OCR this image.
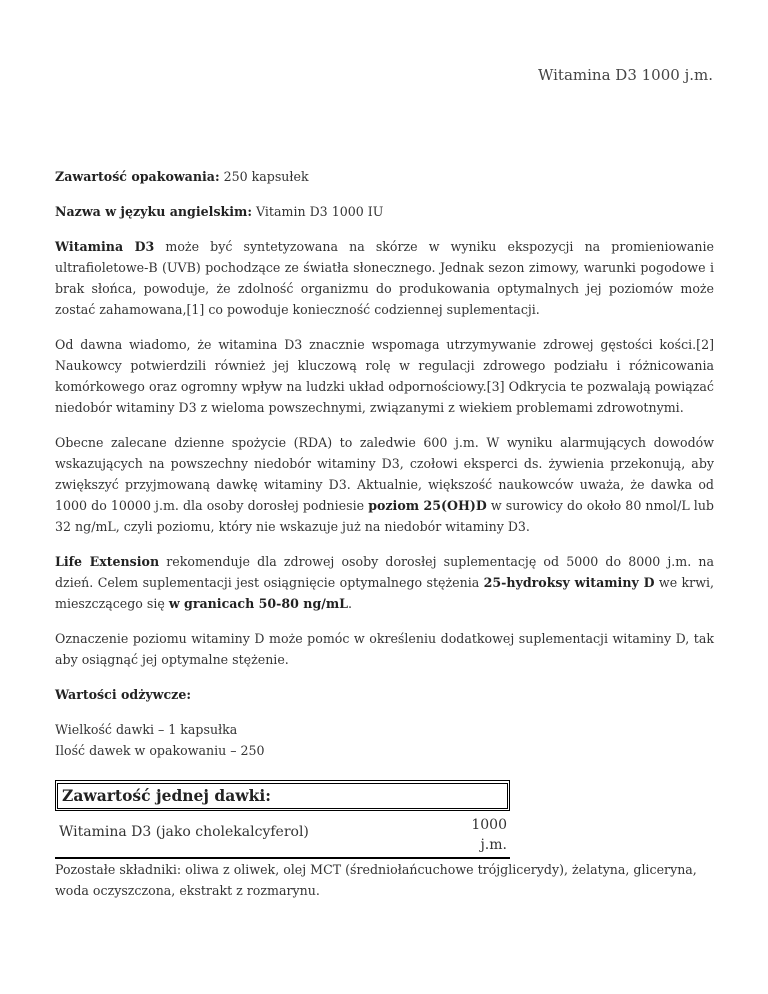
Witamina D3 1000 j.m.

Zawartość opakowania: 250 kapsułek

Nazwa w języku angielskim: Vitamin D3 1000 IU

Witamina D3 może być syntetyzowana na skórze w wyniku ekspozycji na promieniowanie ultrafioletowe-B (UVB) pochodzące ze światła słonecznego. Jednak sezon zimowy, warunki pogodowe i brak słońca, powoduje, że zdolność organizmu do produkowania optymalnych jej poziomów może zostać zahamowana,[1] co powoduje konieczność codziennej suplementacji.

Od dawna wiadomo, że witamina D3 znacznie wspomaga utrzymywanie zdrowej gęstości kości.[2] Naukowcy potwierdzili również jej kluczową rolę w regulacji zdrowego podziału i różnicowania komórkowego oraz ogromny wpływ na ludzki układ odpornościowy.[3] Odkrycia te pozwalają powiązać niedobór witaminy D3 z wieloma powszechnymi, związanymi z wiekiem problemami zdrowotnymi.

Obecne zalecane dzienne spożycie (RDA) to zaledwie 600 j.m. W wyniku alarmujących dowodów wskazujących na powszechny niedobór witaminy D3, czołowi eksperci ds. żywienia przekonują, aby zwiększyć przyjmowaną dawkę witaminy D3. Aktualnie, większość naukowców uważa, że dawka od 1000 do 10000 j.m. dla osoby dorosłej podniesie poziom 25(OH)D w surowicy do około 80 nmol/L lub 32 ng/mL, czyli poziomu, który nie wskazuje już na niedobór witaminy D3.

Life Extension rekomenduje dla zdrowej osoby dorosłej suplementację od 5000 do 8000 j.m. na dzień. Celem suplementacji jest osiągnięcie optymalnego stężenia 25-hydroksy witaminy D we krwi, mieszczącego się w granicach 50-80 ng/mL.

Oznaczenie poziomu witaminy D może pomóc w określeniu dodatkowej suplementacji witaminy D, tak aby osiągnąć jej optymalne stężenie.

Wartości odżywcze:

Wielkość dawki – 1 kapsułka

Ilość dawek w opakowaniu – 250

Zawartość jednej dawki:
Witamina D3 (jako cholekalcyferol)	1000
j.m.

Pozostałe składniki: oliwa z oliwek, olej MCT (średniołańcuchowe trójglicerydy), żelatyna, gliceryna, woda oczyszczona, ekstrakt z rozmarynu.
